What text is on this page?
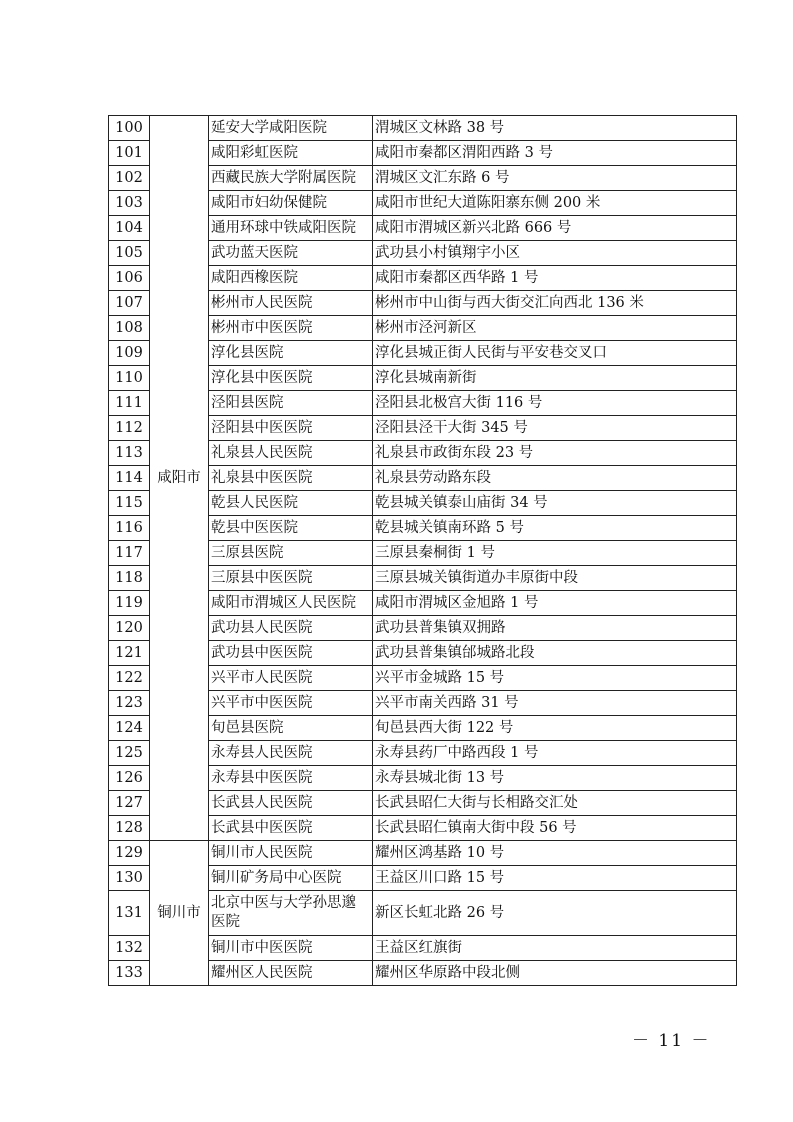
100	咸阳市	延安大学咸阳医院	渭城区文林路 38 号
101		咸阳彩虹医院	咸阳市秦都区渭阳西路 3 号
102		西藏民族大学附属医院	渭城区文汇东路 6 号
103		咸阳市妇幼保健院	咸阳市世纪大道陈阳寨东侧 200 米
104		通用环球中铁咸阳医院	咸阳市渭城区新兴北路 666 号
105		武功蓝天医院	武功县小村镇翔宇小区
106		咸阳西橡医院	咸阳市秦都区西华路 1 号
107		彬州市人民医院	彬州市中山街与西大街交汇向西北 136 米
108		彬州市中医医院	彬州市泾河新区
109		淳化县医院	淳化县城正街人民街与平安巷交叉口
110		淳化县中医医院	淳化县城南新街
111		泾阳县医院	泾阳县北极宫大街 116 号
112		泾阳县中医医院	泾阳县泾干大街 345 号
113		礼泉县人民医院	礼泉县市政街东段 23 号
114		礼泉县中医医院	礼泉县劳动路东段
115		乾县人民医院	乾县城关镇泰山庙街 34 号
116		乾县中医医院	乾县城关镇南环路 5 号
117		三原县医院	三原县秦桐街 1 号
118		三原县中医医院	三原县城关镇街道办丰原街中段
119		咸阳市渭城区人民医院	咸阳市渭城区金旭路 1 号
120		武功县人民医院	武功县普集镇双拥路
121		武功县中医医院	武功县普集镇邰城路北段
122		兴平市人民医院	兴平市金城路 15 号
123		兴平市中医医院	兴平市南关西路 31 号
124		旬邑县医院	旬邑县西大街 122 号
125		永寿县人民医院	永寿县药厂中路西段 1 号
126		永寿县中医医院	永寿县城北街 13 号
127		长武县人民医院	长武县昭仁大街与长相路交汇处
128		长武县中医医院	长武县昭仁镇南大街中段 56 号
129	铜川市	铜川市人民医院	耀州区鸿基路 10 号
130		铜川矿务局中心医院	王益区川口路 15 号
131		北京中医与大学孙思邈医院	新区长虹北路 26 号
132		铜川市中医医院	王益区红旗街
133		耀州区人民医院	耀州区华原路中段北侧
－ 11 －
